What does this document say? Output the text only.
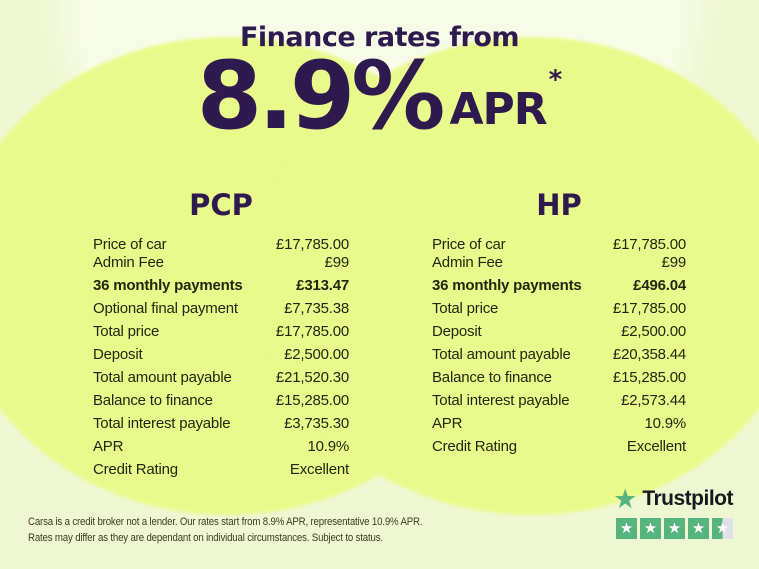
Finance rates from
8.9% APR
*
PCP
Price of car	£17,785.00
Admin Fee	£99
36 monthly payments	£313.47
Optional final payment	£7,735.38
Total price	£17,785.00
Deposit	£2,500.00
Total amount payable	£21,520.30
Balance to finance	£15,285.00
Total interest payable	£3,735.30
APR	10.9%
Credit Rating	Excellent
HP
Price of car	£17,785.00
Admin Fee	£99
36 monthly payments	£496.04
Total price	£17,785.00
Deposit	£2,500.00
Total amount payable	£20,358.44
Balance to finance	£15,285.00
Total interest payable	£2,573.44
APR	10.9%
Credit Rating	Excellent

Carsa is a credit broker not a lender. Our rates start from 8.9% APR, representative 10.9% APR.
Rates may differ as they are dependant on individual circumstances. Subject to status.

★ Trustpilot
★ ★ ★ ★ ★
